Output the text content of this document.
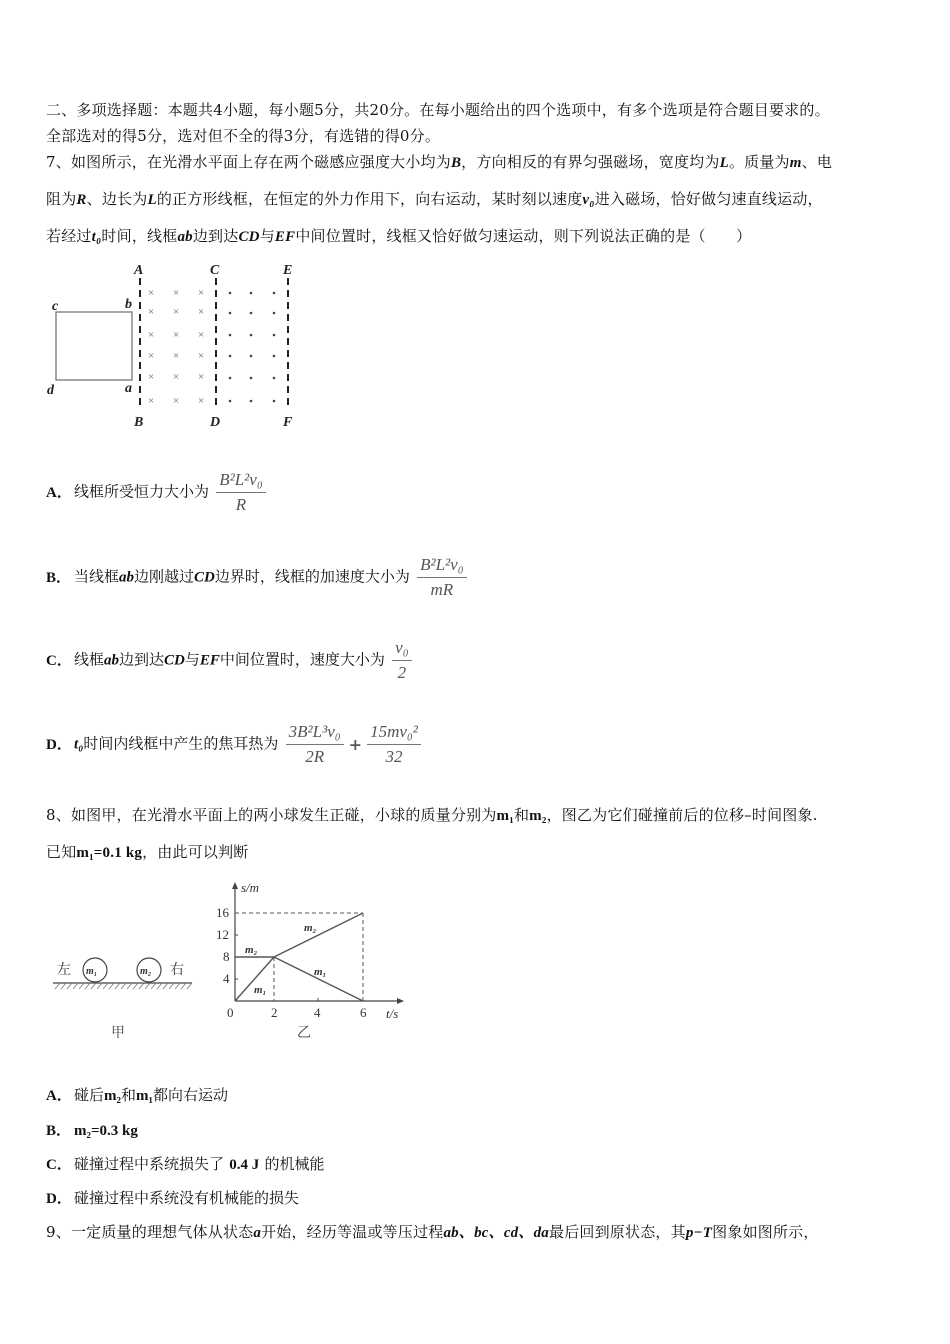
二、多项选择题：本题共4小题，每小题5分，共20分。在每小题给出的四个选项中，有多个选项是符合题目要求的。
全部选对的得5分，选对但不全的得3分，有选错的得0分。
7、如图所示，在光滑水平面上存在两个磁感应强度大小均为B，方向相反的有界匀强磁场，宽度均为L。质量为m、电
阻为R、边长为L的正方形线框，在恒定的外力作用下，向右运动，某时刻以速度v₀进入磁场，恰好做匀速直线运动，
若经过t₀时间，线框ab边到达CD与EF中间位置时，线框又恰好做匀速运动，则下列说法正确的是（　　）
c	b
d	a
A	C	E
B	D	F
× × ×
× × ×
× × ×
× × ×
× × ×
× × ×
A． 线框所受恒力大小为 $\frac{\text{B²L²v₀}}{R}$
B． 当线框ab边刚越过CD边界时，线框的加速度大小为 $\frac{\text{B²L²v₀}}{mR}$
C． 线框ab边到达CD与EF中间位置时，速度大小为 $\frac{\text{v₀}}{2}$
D． t₀时间内线框中产生的焦耳热为 $\frac{\text{3B²L³v₀}}{2R} + \frac{\text{15mv₀²}}{32}$
8、如图甲，在光滑水平面上的两小球发生正碰，小球的质量分别为m₁和m₂，图乙为它们碰撞前后的位移–时间图象.
已知m₁=0.1 kg，由此可以判断
左 m₁	m₂ 右
甲
s/m
t/s
0	2	4	6
4
8
12
16
m₁
m₂
m₂
m₁
乙
A． 碰后m₂和m₁都向右运动
B． m₂=0.3 kg
C． 碰撞过程中系统损失了 0.4 J 的机械能
D． 碰撞过程中系统没有机械能的损失
9、一定质量的理想气体从状态a开始，经历等温或等压过程ab、bc、cd、da最后回到原状态，其p−T图象如图所示，
